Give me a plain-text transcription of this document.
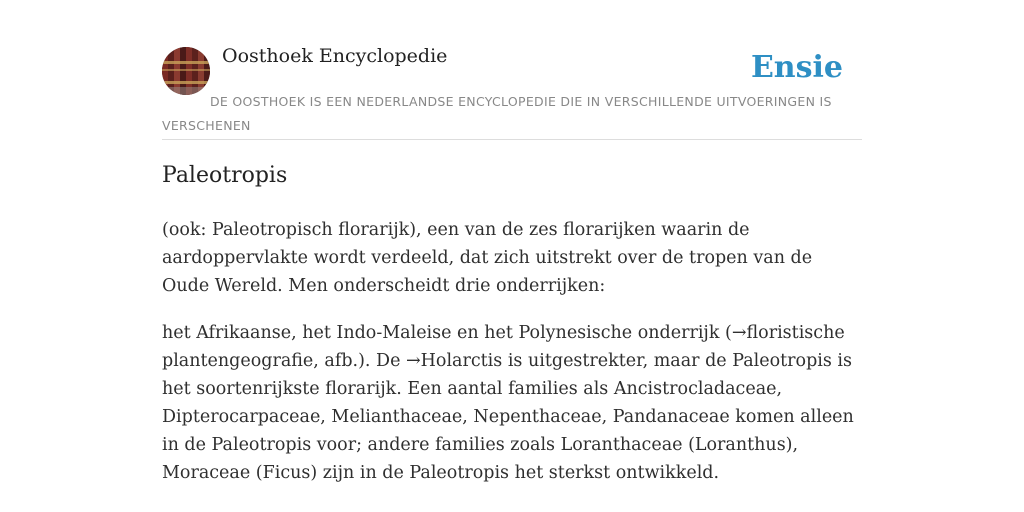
Oosthoek Encyclopedie	Ensie

DE OOSTHOEK IS EEN NEDERLANDSE ENCYCLOPEDIE DIE IN VERSCHILLENDE UITVOERINGEN IS VERSCHENEN

Paleotropis

(ook: Paleotropisch florarijk), een van de zes florarijken waarin de aardoppervlakte wordt verdeeld, dat zich uitstrekt over de tropen van de Oude Wereld. Men onderscheidt drie onderrijken:

het Afrikaanse, het Indo-Maleise en het Polynesische onderrijk (→floristische plantengeografie, afb.). De →Holarctis is uitgestrekter, maar de Paleotropis is het soortenrijkste florarijk. Een aantal families als Ancistrocladaceae, Dipterocarpaceae, Melianthaceae, Nepenthaceae, Pandanaceae komen alleen in de Paleotropis voor; andere families zoals Loranthaceae (Loranthus), Moraceae (Ficus) zijn in de Paleotropis het sterkst ontwikkeld.
